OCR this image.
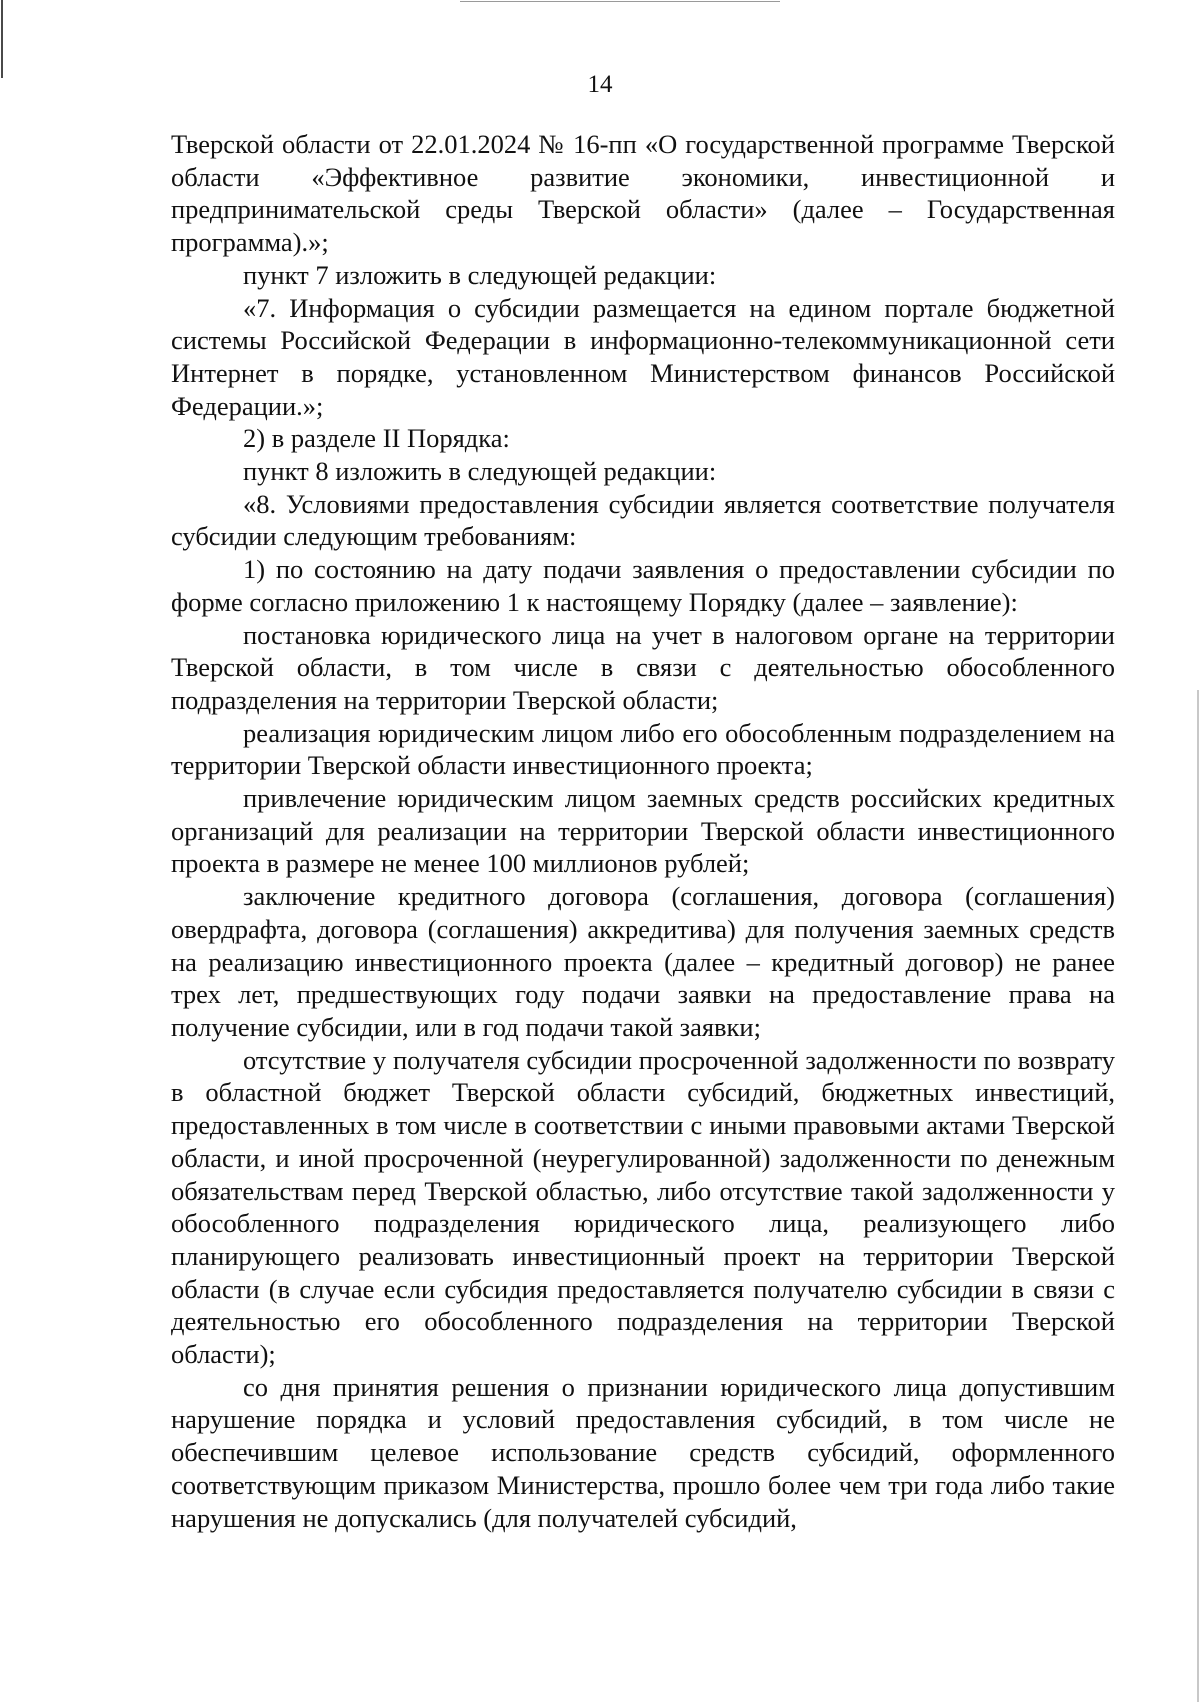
14

Тверской области от 22.01.2024 № 16-пп «О государственной программе Тверской области «Эффективное развитие экономики, инвестиционной и предпринимательской среды Тверской области» (далее – Государственная программа).»;

пункт 7 изложить в следующей редакции:

«7. Информация о субсидии размещается на едином портале бюджетной системы Российской Федерации в информационно-телекоммуникационной сети Интернет в порядке, установленном Министерством финансов Российской Федерации.»;

2) в разделе II Порядка:

пункт 8 изложить в следующей редакции:

«8. Условиями предоставления субсидии является соответствие получателя субсидии следующим требованиям:

1) по состоянию на дату подачи заявления о предоставлении субсидии по форме согласно приложению 1 к настоящему Порядку (далее – заявление):

постановка юридического лица на учет в налоговом органе на территории Тверской области, в том числе в связи с деятельностью обособленного подразделения на территории Тверской области;

реализация юридическим лицом либо его обособленным подразделением на территории Тверской области инвестиционного проекта;

привлечение юридическим лицом заемных средств российских кредитных организаций для реализации на территории Тверской области инвестиционного проекта в размере не менее 100 миллионов рублей;

заключение кредитного договора (соглашения, договора (соглашения) овердрафта, договора (соглашения) аккредитива) для получения заемных средств на реализацию инвестиционного проекта (далее – кредитный договор) не ранее трех лет, предшествующих году подачи заявки на предоставление права на получение субсидии, или в год подачи такой заявки;

отсутствие у получателя субсидии просроченной задолженности по возврату в областной бюджет Тверской области субсидий, бюджетных инвестиций, предоставленных в том числе в соответствии с иными правовыми актами Тверской области, и иной просроченной (неурегулированной) задолженности по денежным обязательствам перед Тверской областью, либо отсутствие такой задолженности у обособленного подразделения юридического лица, реализующего либо планирующего реализовать инвестиционный проект на территории Тверской области (в случае если субсидия предоставляется получателю субсидии в связи с деятельностью его обособленного подразделения на территории Тверской области);

со дня принятия решения о признании юридического лица допустившим нарушение порядка и условий предоставления субсидий, в том числе не обеспечившим целевое использование средств субсидий, оформленного соответствующим приказом Министерства, прошло более чем три года либо такие нарушения не допускались (для получателей субсидий,
